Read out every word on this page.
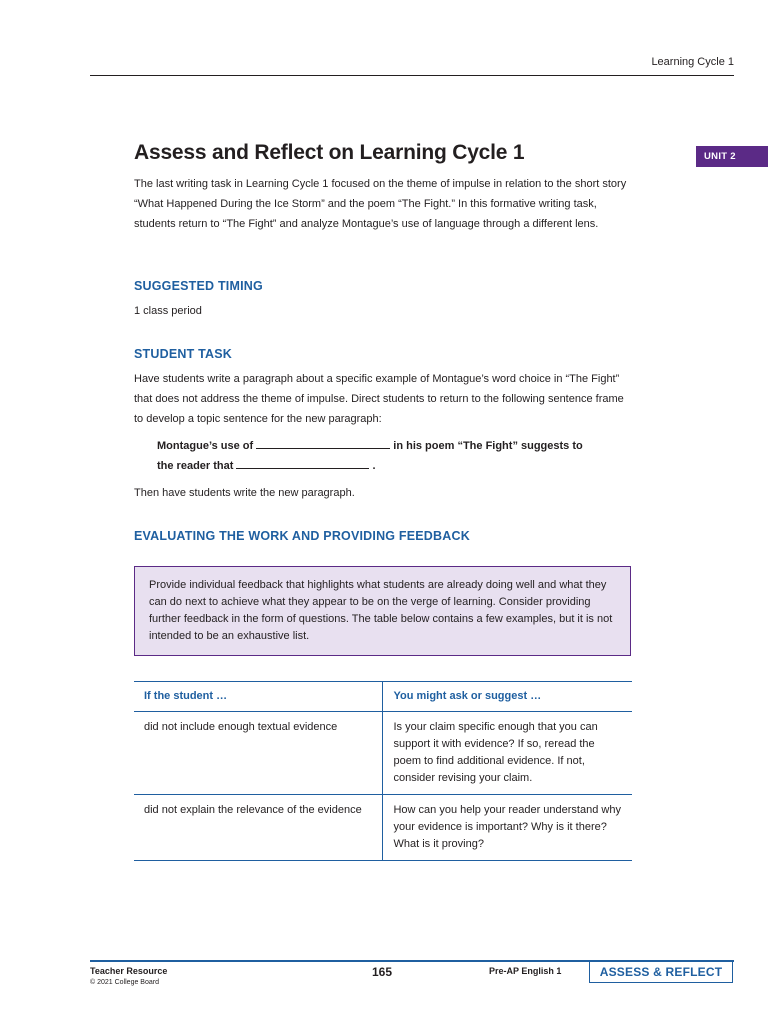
Learning Cycle 1
UNIT 2
Assess and Reflect on Learning Cycle 1

The last writing task in Learning Cycle 1 focused on the theme of impulse in relation to the short story “What Happened During the Ice Storm” and the poem “The Fight.” In this formative writing task, students return to “The Fight” and analyze Montague’s use of language through a different lens.

SUGGESTED TIMING

1 class period

STUDENT TASK

Have students write a paragraph about a specific example of Montague’s word choice in “The Fight” that does not address the theme of impulse. Direct students to return to the following sentence frame to develop a topic sentence for the new paragraph:

Montague’s use of	in his poem “The Fight” suggests to
the reader that	.

Then have students write the new paragraph.

EVALUATING THE WORK AND PROVIDING FEEDBACK
Provide individual feedback that highlights what students are already doing well and what they can do next to achieve what they appear to be on the verge of learning. Consider providing further feedback in the form of questions. The table below contains a few examples, but it is not intended to be an exhaustive list.
If the student …	You might ask or suggest …
did not include enough textual evidence	Is your claim specific enough that you can support it with evidence? If so, reread the poem to find additional evidence. If not, consider revising your claim.
did not explain the relevance of the evidence	How can you help your reader understand why your evidence is important? Why is it there? What is it proving?
Teacher Resource
© 2021 College Board
165	Pre-AP English 1	ASSESS & REFLECT
